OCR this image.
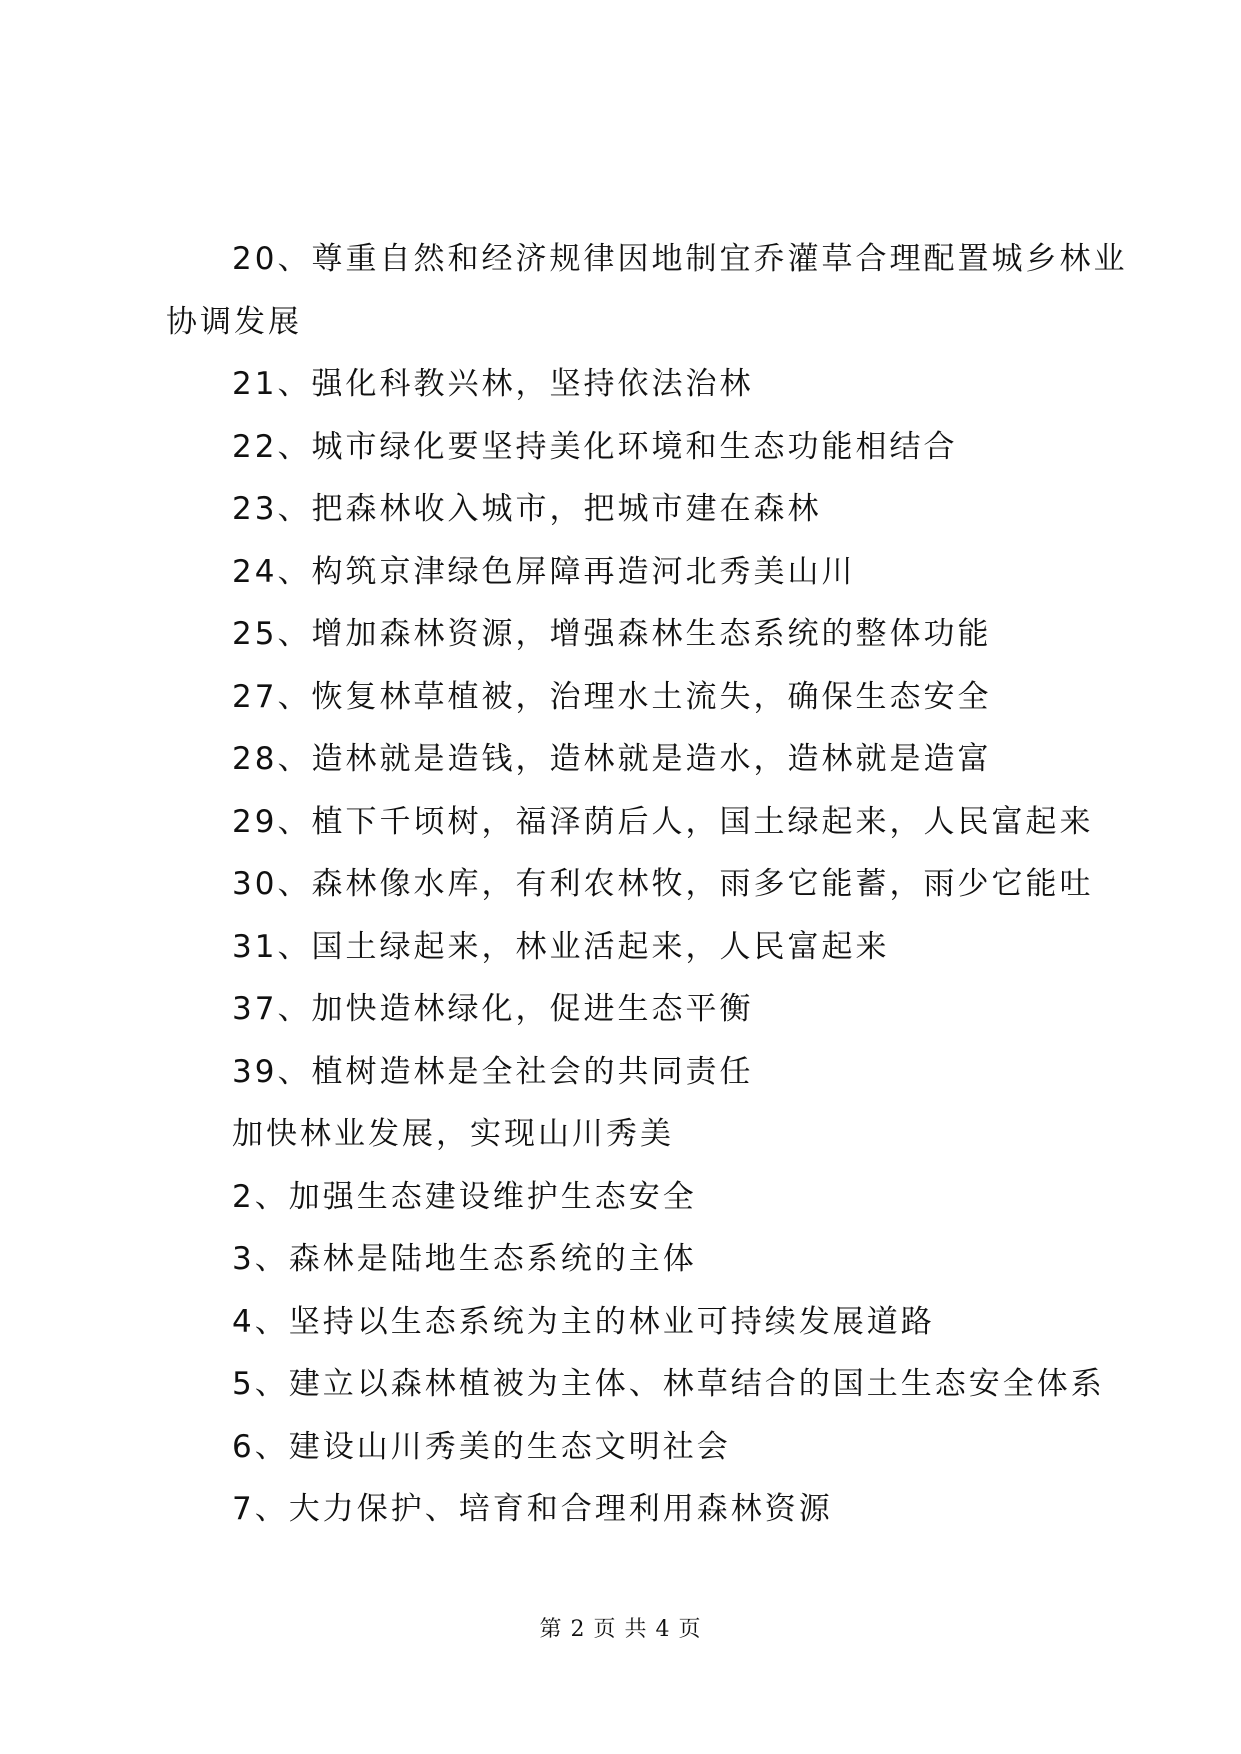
20、尊重自然和经济规律因地制宜乔灌草合理配置城乡林业
协调发展
21、强化科教兴林，坚持依法治林
22、城市绿化要坚持美化环境和生态功能相结合
23、把森林收入城市，把城市建在森林
24、构筑京津绿色屏障再造河北秀美山川
25、增加森林资源，增强森林生态系统的整体功能
27、恢复林草植被，治理水土流失，确保生态安全
28、造林就是造钱，造林就是造水，造林就是造富
29、植下千顷树，福泽荫后人，国土绿起来，人民富起来
30、森林像水库，有利农林牧，雨多它能蓄，雨少它能吐
31、国土绿起来，林业活起来，人民富起来
37、加快造林绿化，促进生态平衡
39、植树造林是全社会的共同责任
加快林业发展，实现山川秀美
2、加强生态建设维护生态安全
3、森林是陆地生态系统的主体
4、坚持以生态系统为主的林业可持续发展道路
5、建立以森林植被为主体、林草结合的国土生态安全体系
6、建设山川秀美的生态文明社会
7、大力保护、培育和合理利用森林资源
第 2 页 共 4 页
